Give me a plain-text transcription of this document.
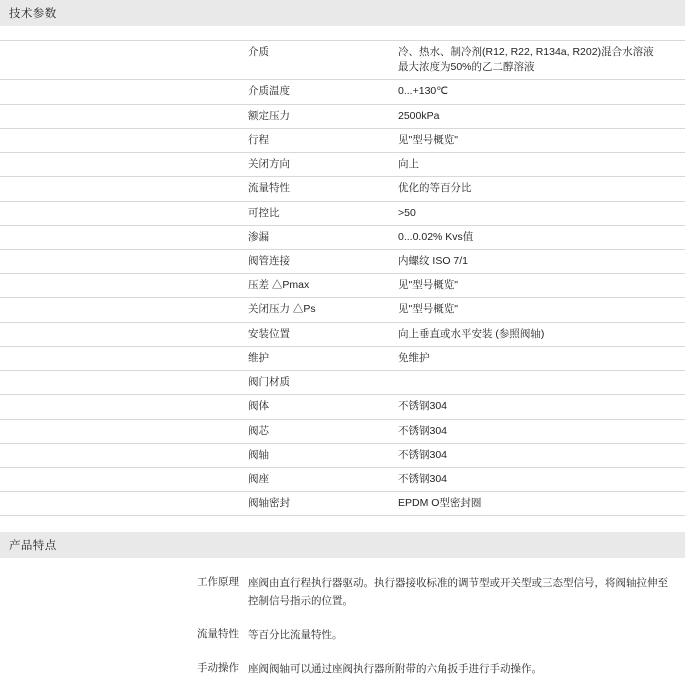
技术参数
	介质	冷、热水、制冷剂(R12, R22, R134a, R202)混合水溶液
最大浓度为50%的乙二醇溶液

	介质温度	0...+130℃
	额定压力	2500kPa
	行程	见"型号概览"
	关闭方向	向上
	流量特性	优化的等百分比
	可控比	>50
	渗漏	0...0.02% Kvs值
	阀管连接	内螺纹 ISO 7/1
	压差 △Pmax	见"型号概览"
	关闭压力 △Ps	见"型号概览"
	安装位置	向上垂直或水平安装 (参照阀轴)
	维护	免维护
	阀门材质	
	阀体	不锈钢304
	阀芯	不锈钢304
	阀轴	不锈钢304
	阀座	不锈钢304
	阀轴密封	EPDM O型密封圈
产品特点
工作原理 座阀由直行程执行器驱动。执行器接收标准的调节型或开关型或三态型信号，将阀轴拉伸至
控制信号指示的位置。
流量特性 等百分比流量特性。
手动操作 座阀阀轴可以通过座阀执行器所附带的六角扳手进行手动操作。
